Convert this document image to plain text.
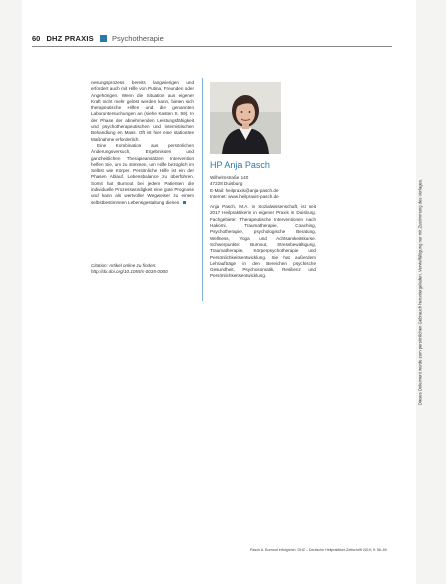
60 DHZ PRAXIS Psychotherapie

nesungsprozess bereits langwierigen und erfordert auch mit Hilfe von Putina, Freunden oder Angehörigen. Wenn die Situation aus eigener Kraft nicht mehr gelöst werden kann, bieten sich therapeutische Hilfen und die genannten Laboruntersuchungen an (siehe Kasten S. 59). In der Phase der abnehmenden Leistungsfähigkeit und psychotherapeutischen und internistischen Behandlung en Mass. Oft ist hier eine stationäre Maßnahme erforderlich.

Eine Kombination aus persönlichen Änderungsversuch, Ergebnissen und ganzheitlichen Therapieansätzen Intervention helfen Sie, um zu stimmen, um Hilfe bezüglich im Selbst wie Körper. Persönliche Hilfe ist ein der Phasen Ablauf, Lebensbalance zu überführen. Somit hat Burnout bei jedem Patienten die individuelle Prozesswürdigkeit eine gute Prognose und kann als wertvoller Wegweiser zu einem selbstbestimmten Lebensgestaltung dienen.

Citation: Artikel online zu finden:
http://dx.doi.org/10.1055/s-0035-0000
HP Anja Pasch
Wilhelmstraße 140
47228 Duisburg
E-Mail: heilpraxis@anja-pasch.de
Internet: www.heilpraxis-pasch.de
Anja Pasch, M.A. in Sozialwissenschaft, ist seit 2017 Heilpraktikerin in eigener Praxis in Duisburg. Fachgebiete: Therapeutische Interventionen nach Hakomi, Traumatherapie, Coaching, Psychotherapie, psychologische Beratung, Wellness, Yoga und Achtsamkeitskurse. Schwerpunkte: Burnout, Stressbewältigung, Traumatherapie, Körperpsychotherapie und Persönlichkeitsentwicklung. Sie hat außerdem Lehraufträge in den Bereichen psychische Gesundheit, Psychosomatik, Resilienz und Persönlichkeitsentwicklung.
Pasch A. Burnout erfolgreich. DHZ – Deutsche Heilpraktiker-Zeitschrift 2019; 5: 56–60
Dieses Dokument wurde zum persönlichen Gebrauch heruntergeladen. Vervielfältigung nur mit Zustimmung des Verlages.
